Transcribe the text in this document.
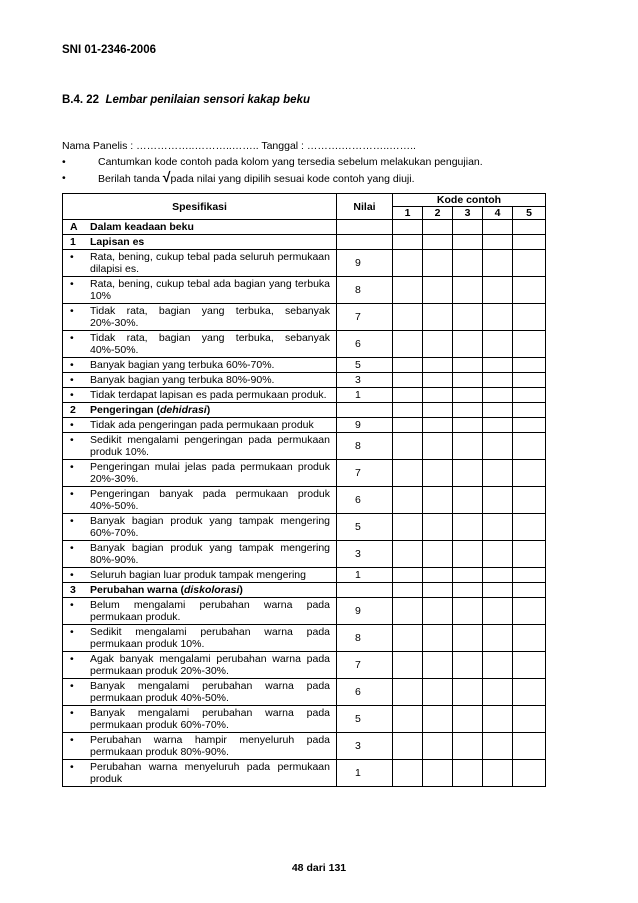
SNI 01-2346-2006
B.4. 22 Lembar penilaian sensori kakap beku
Nama Panelis : ……………..………..…….. Tanggal : ……….…………..……..
•	Cantumkan kode contoh pada kolom yang tersedia sebelum melakukan pengujian.
•	Berilah tanda √pada nilai yang dipilih sesuai kode contoh yang diuji.
Spesifikasi	Nilai	Kode contoh				
		1	2	3	4	5

A Dalam keadaan beku						

1 Lapisan es						

• Rata, bening, cukup tebal pada seluruh permukaan dilapisi es.	9					

• Rata, bening, cukup tebal ada bagian yang terbuka 10%	8					

• Tidak rata, bagian yang terbuka, sebanyak 20%-30%.	7					

• Tidak rata, bagian yang terbuka, sebanyak 40%-50%.	6					

• Banyak bagian yang terbuka 60%-70%.	5					

• Banyak bagian yang terbuka 80%-90%.	3					

• Tidak terdapat lapisan es pada permukaan produk.	1					

2 Pengeringan (dehidrasi)						

• Tidak ada pengeringan pada permukaan produk	9					

• Sedikit mengalami pengeringan pada permukaan produk 10%.	8					

• Pengeringan mulai jelas pada permukaan produk 20%-30%.	7					

• Pengeringan banyak pada permukaan produk 40%-50%.	6					

• Banyak bagian produk yang tampak mengering 60%-70%.	5					

• Banyak bagian produk yang tampak mengering 80%-90%.	3					

• Seluruh bagian luar produk tampak mengering	1					

3 Perubahan warna (diskolorasi)						

• Belum mengalami perubahan warna pada permukaan produk.	9					

• Sedikit mengalami perubahan warna pada permukaan produk 10%.	8					

• Agak banyak mengalami perubahan warna pada permukaan produk 20%-30%.	7					

• Banyak mengalami perubahan warna pada permukaan produk 40%-50%.	6					

• Banyak mengalami perubahan warna pada permukaan produk 60%-70%.	5					

• Perubahan warna hampir menyeluruh pada permukaan produk 80%-90%.	3					

• Perubahan warna menyeluruh pada permukaan produk	1					
48 dari 131
